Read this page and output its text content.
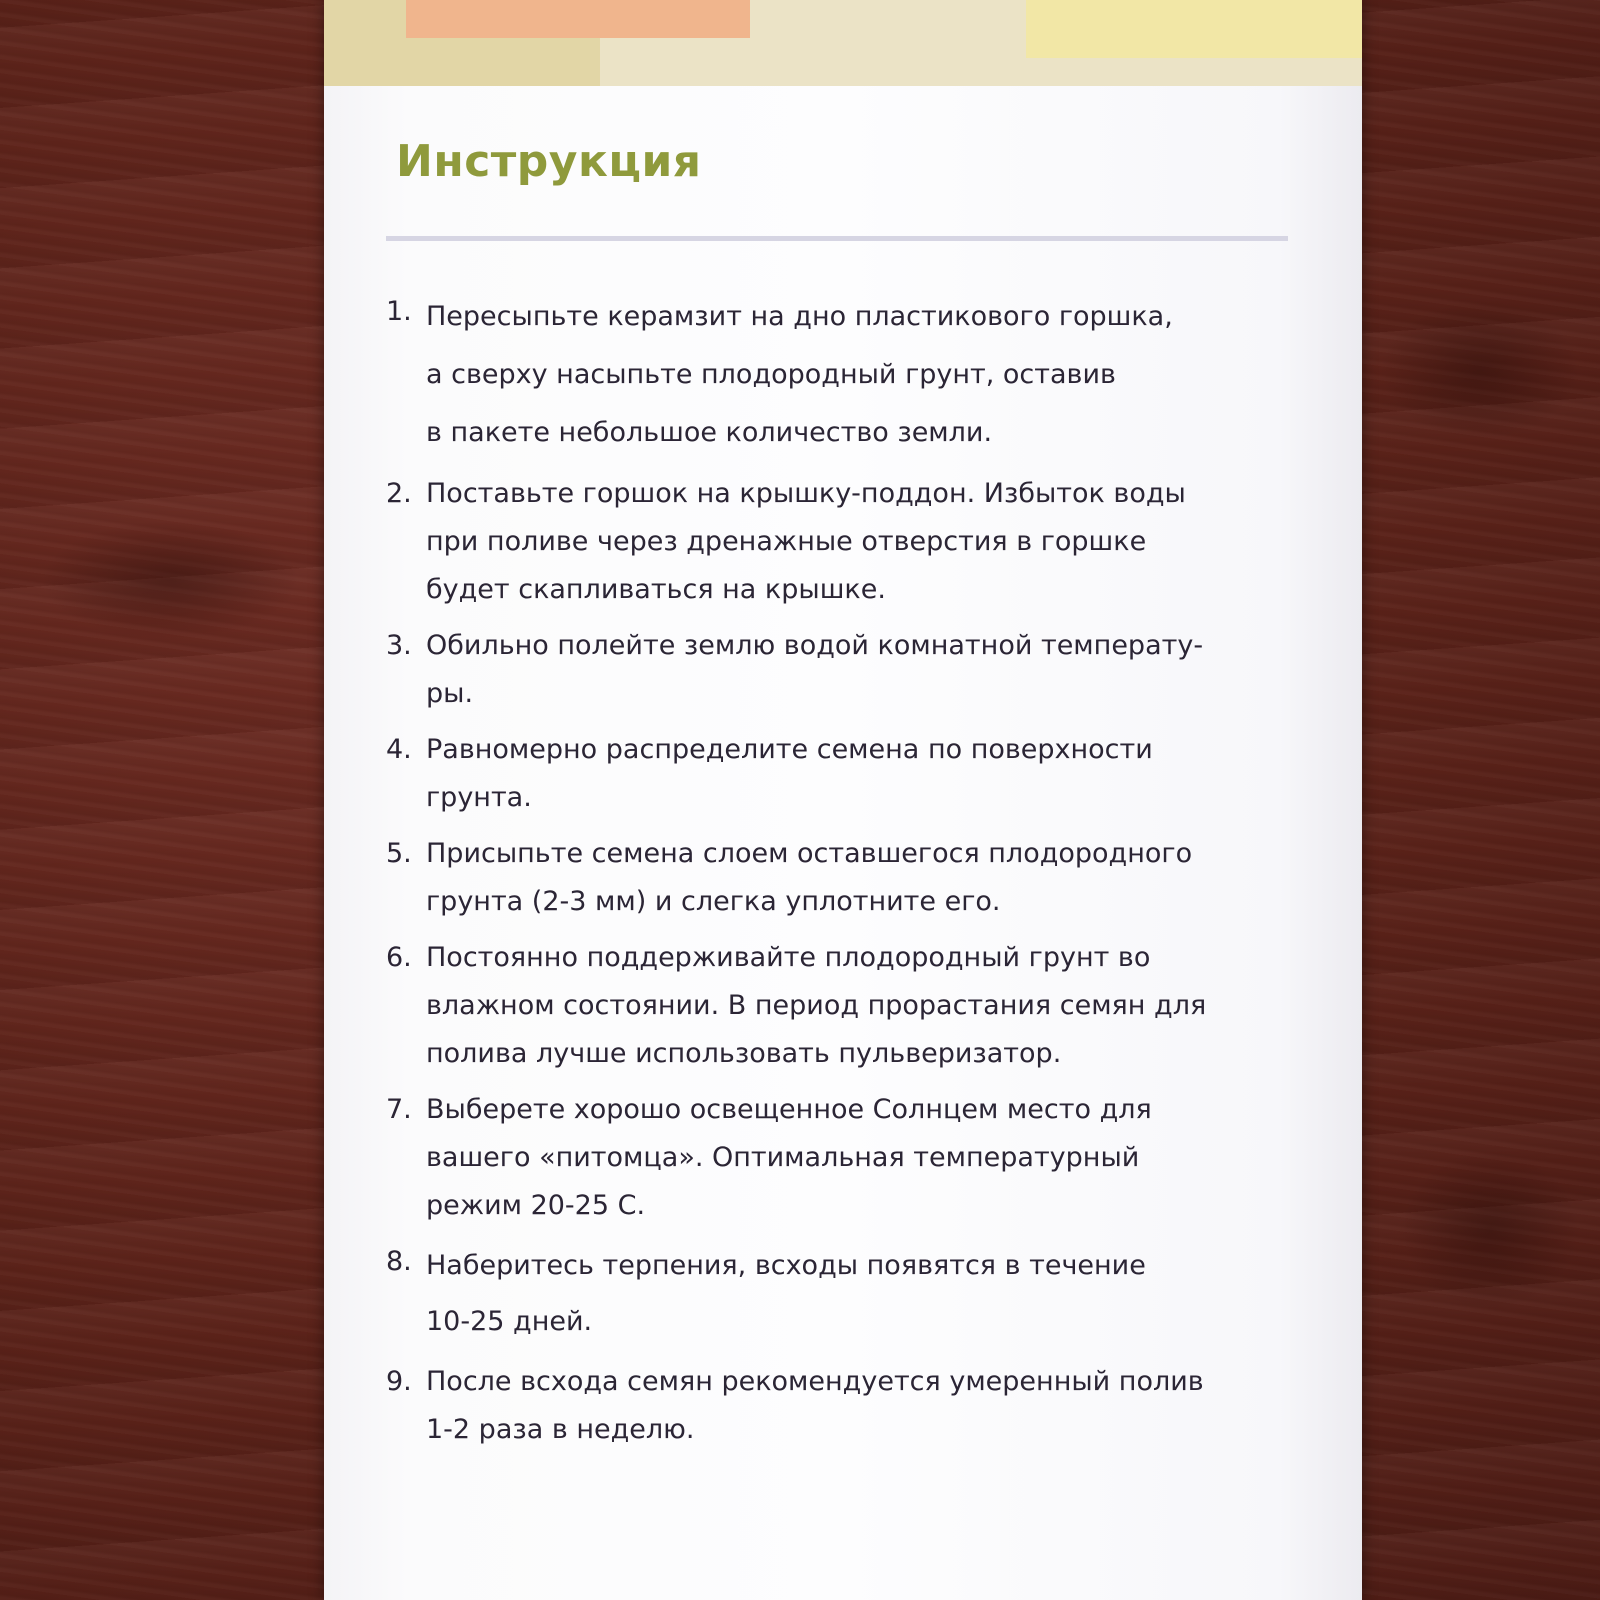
Инструкция
1. Пересыпьте керамзит на дно пластикового горшка,
а сверху насыпьте плодородный грунт, оставив
в пакете небольшое количество земли.
2. Поставьте горшок на крышку-поддон. Избыток воды
при поливе через дренажные отверстия в горшке
будет скапливаться на крышке.
3. Обильно полейте землю водой комнатной температу-
ры.
4. Равномерно распределите семена по поверхности
грунта.
5. Присыпьте семена слоем оставшегося плодородного
грунта (2-3 мм) и слегка уплотните его.
6. Постоянно поддерживайте плодородный грунт во
влажном состоянии. В период прорастания семян для
полива лучше использовать пульверизатор.
7. Выберете хорошо освещенное Солнцем место для
вашего «питомца». Оптимальная температурный
режим 20-25 С.
8. Наберитесь терпения, всходы появятся в течение
10-25 дней.
9. После всхода семян рекомендуется умеренный полив
1-2 раза в неделю.
